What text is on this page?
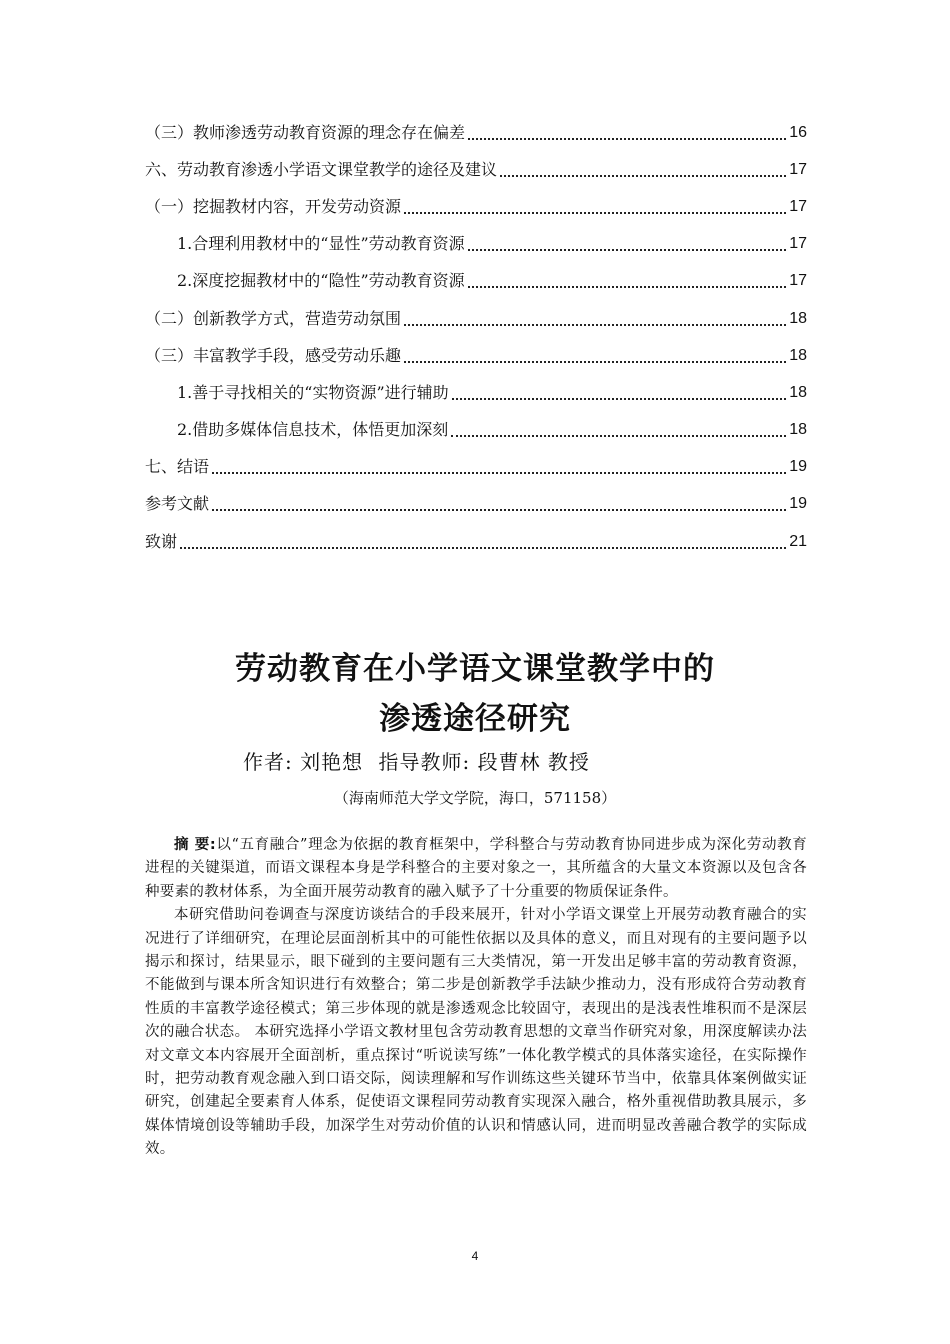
（三）教师渗透劳动教育资源的理念存在偏差	16
六、劳动教育渗透小学语文课堂教学的途径及建议	17
（一）挖掘教材内容，开发劳动资源	17
1.合理利用教材中的“显性”劳动教育资源	17
2.深度挖掘教材中的“隐性”劳动教育资源	17
（二）创新教学方式，营造劳动氛围	18
（三）丰富教学手段，感受劳动乐趣	18
1.善于寻找相关的“实物资源”进行辅助	18
2.借助多媒体信息技术，体悟更加深刻	18
七、结语	19
参考文献	19
致谢	21
劳动教育在小学语文课堂教学中的
渗透途径研究
作者: 刘艳想 指导教师: 段曹林 教授
（海南师范大学文学院，海口，571158）

摘 要:以“五育融合”理念为依据的教育框架中，学科整合与劳动教育协同进步成为深化劳动教育进程的关键渠道，而语文课程本身是学科整合的主要对象之一，其所蕴含的大量文本资源以及包含各种要素的教材体系，为全面开展劳动教育的融入赋予了十分重要的物质保证条件。

本研究借助问卷调查与深度访谈结合的手段来展开，针对小学语文课堂上开展劳动教育融合的实况进行了详细研究，在理论层面剖析其中的可能性依据以及具体的意义，而且对现有的主要问题予以揭示和探讨，结果显示，眼下碰到的主要问题有三大类情况，第一开发出足够丰富的劳动教育资源，不能做到与课本所含知识进行有效整合；第二步是创新教学手法缺少推动力，没有形成符合劳动教育性质的丰富教学途径模式；第三步体现的就是渗透观念比较固守，表现出的是浅表性堆积而不是深层次的融合状态。 本研究选择小学语文教材里包含劳动教育思想的文章当作研究对象，用深度解读办法对文章文本内容展开全面剖析，重点探讨“听说读写练”一体化教学模式的具体落实途径，在实际操作时，把劳动教育观念融入到口语交际，阅读理解和写作训练这些关键环节当中，依靠具体案例做实证研究，创建起全要素育人体系，促使语文课程同劳动教育实现深入融合，格外重视借助教具展示，多媒体情境创设等辅助手段，加深学生对劳动价值的认识和情感认同，进而明显改善融合教学的实际成效。

4
